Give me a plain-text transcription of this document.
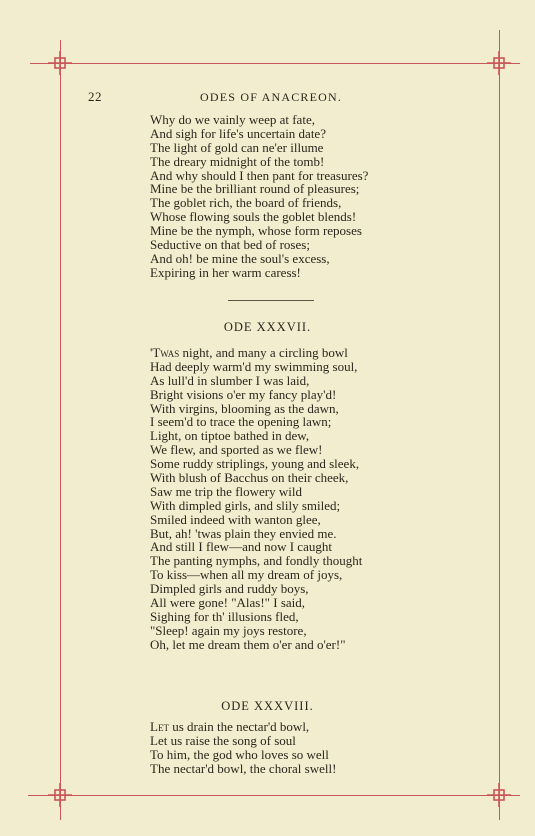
22	ODES OF ANACREON.
Why do we vainly weep at fate,
And sigh for life's uncertain date?
The light of gold can ne'er illume
The dreary midnight of the tomb!
And why should I then pant for treasures?
Mine be the brilliant round of pleasures;
The goblet rich, the board of friends,
Whose flowing souls the goblet blends!
Mine be the nymph, whose form reposes
Seductive on that bed of roses;
And oh! be mine the soul's excess,
Expiring in her warm caress!
ODE XXXVII.
'Twas night, and many a circling bowl
Had deeply warm'd my swimming soul,
As lull'd in slumber I was laid,
Bright visions o'er my fancy play'd!
With virgins, blooming as the dawn,
I seem'd to trace the opening lawn;
Light, on tiptoe bathed in dew,
We flew, and sported as we flew!
Some ruddy striplings, young and sleek,
With blush of Bacchus on their cheek,
Saw me trip the flowery wild
With dimpled girls, and slily smiled;
Smiled indeed with wanton glee,
But, ah! 'twas plain they envied me.
And still I flew—and now I caught
The panting nymphs, and fondly thought
To kiss—when all my dream of joys,
Dimpled girls and ruddy boys,
All were gone! "Alas!" I said,
Sighing for th' illusions fled,
"Sleep! again my joys restore,
Oh, let me dream them o'er and o'er!"
ODE XXXVIII.
Let us drain the nectar'd bowl,
Let us raise the song of soul
To him, the god who loves so well
The nectar'd bowl, the choral swell!
